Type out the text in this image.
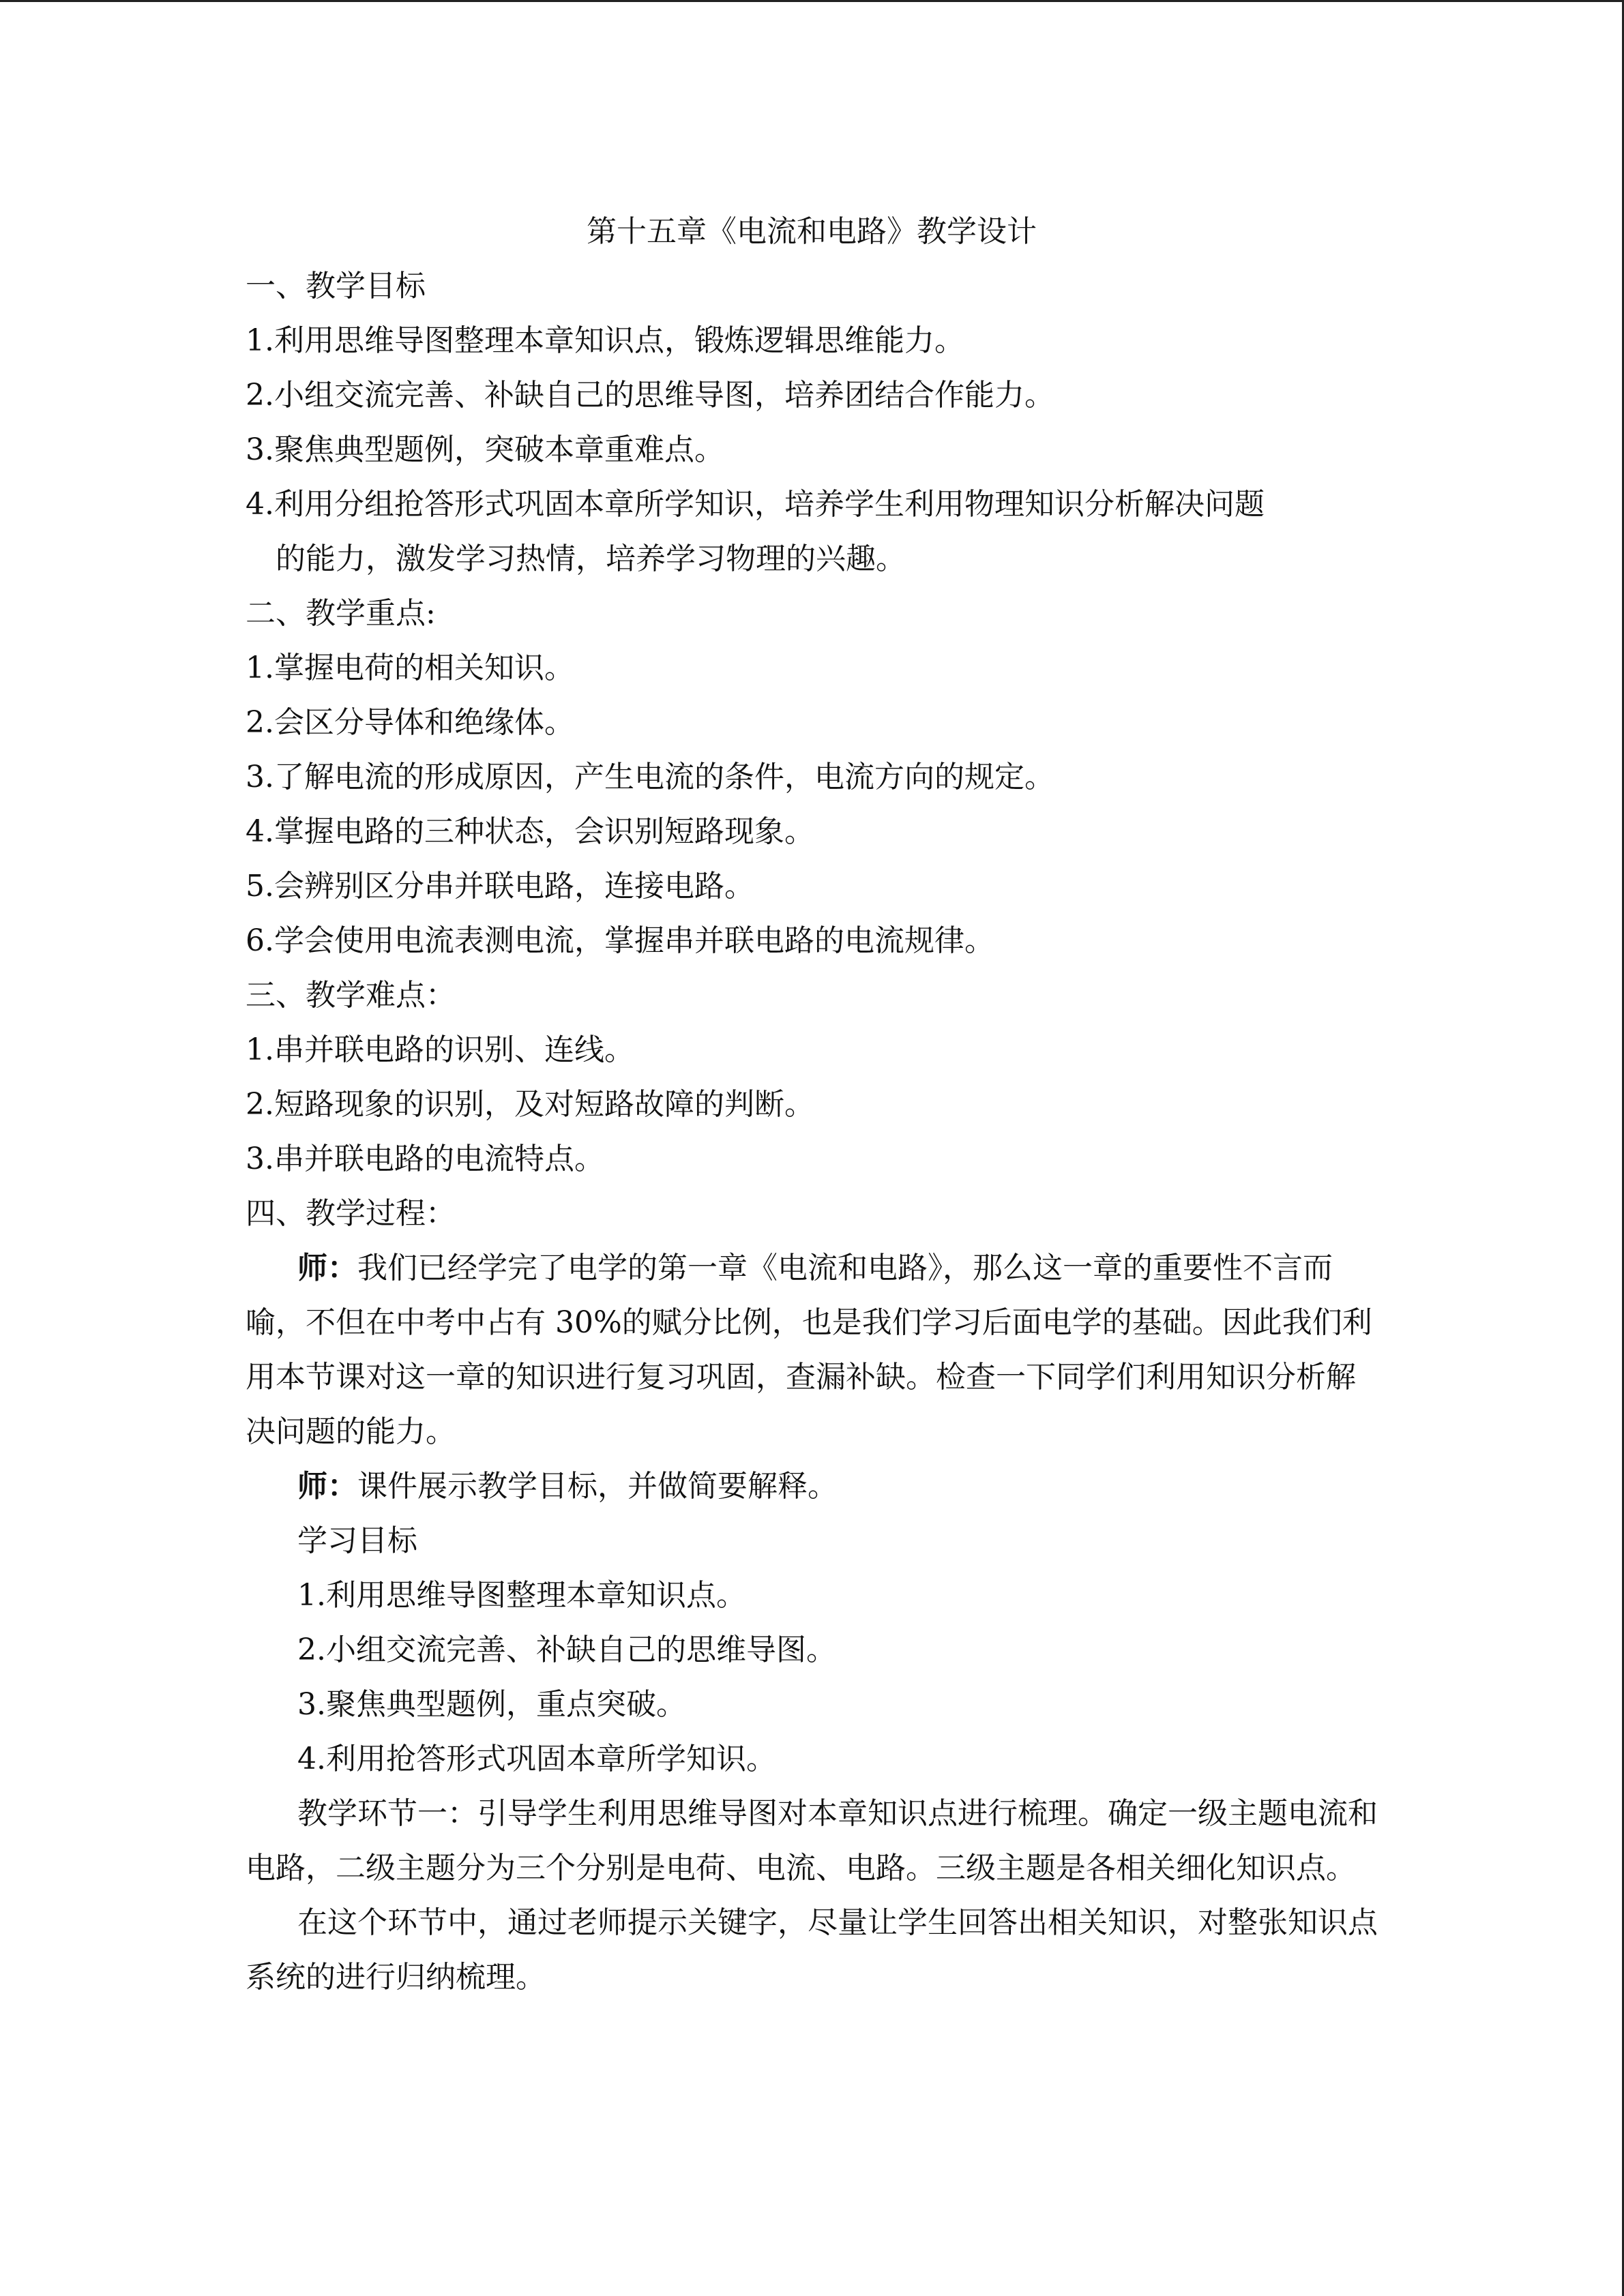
第十五章《电流和电路》教学设计
一、教学目标
1.利用思维导图整理本章知识点，锻炼逻辑思维能力。
2.小组交流完善、补缺自己的思维导图，培养团结合作能力。
3.聚焦典型题例，突破本章重难点。
4.利用分组抢答形式巩固本章所学知识，培养学生利用物理知识分析解决问题
的能力，激发学习热情，培养学习物理的兴趣。
二、教学重点:
1.掌握电荷的相关知识。
2.会区分导体和绝缘体。
3.了解电流的形成原因，产生电流的条件，电流方向的规定。
4.掌握电路的三种状态，会识别短路现象。
5.会辨别区分串并联电路，连接电路。
6.学会使用电流表测电流，掌握串并联电路的电流规律。
三、教学难点：
1.串并联电路的识别、连线。
2.短路现象的识别，及对短路故障的判断。
3.串并联电路的电流特点。
四、教学过程：
师：我们已经学完了电学的第一章《电流和电路》，那么这一章的重要性不言而喻，不但在中考中占有 30%的赋分比例，也是我们学习后面电学的基础。因此我们利用本节课对这一章的知识进行复习巩固，查漏补缺。检查一下同学们利用知识分析解决问题的能力。
师：课件展示教学目标，并做简要解释。
学习目标
1.利用思维导图整理本章知识点。
2.小组交流完善、补缺自己的思维导图。
3.聚焦典型题例，重点突破。
4.利用抢答形式巩固本章所学知识。
教学环节一：引导学生利用思维导图对本章知识点进行梳理。确定一级主题电流和电路，二级主题分为三个分别是电荷、电流、电路。三级主题是各相关细化知识点。
在这个环节中，通过老师提示关键字，尽量让学生回答出相关知识，对整张知识点系统的进行归纳梳理。
